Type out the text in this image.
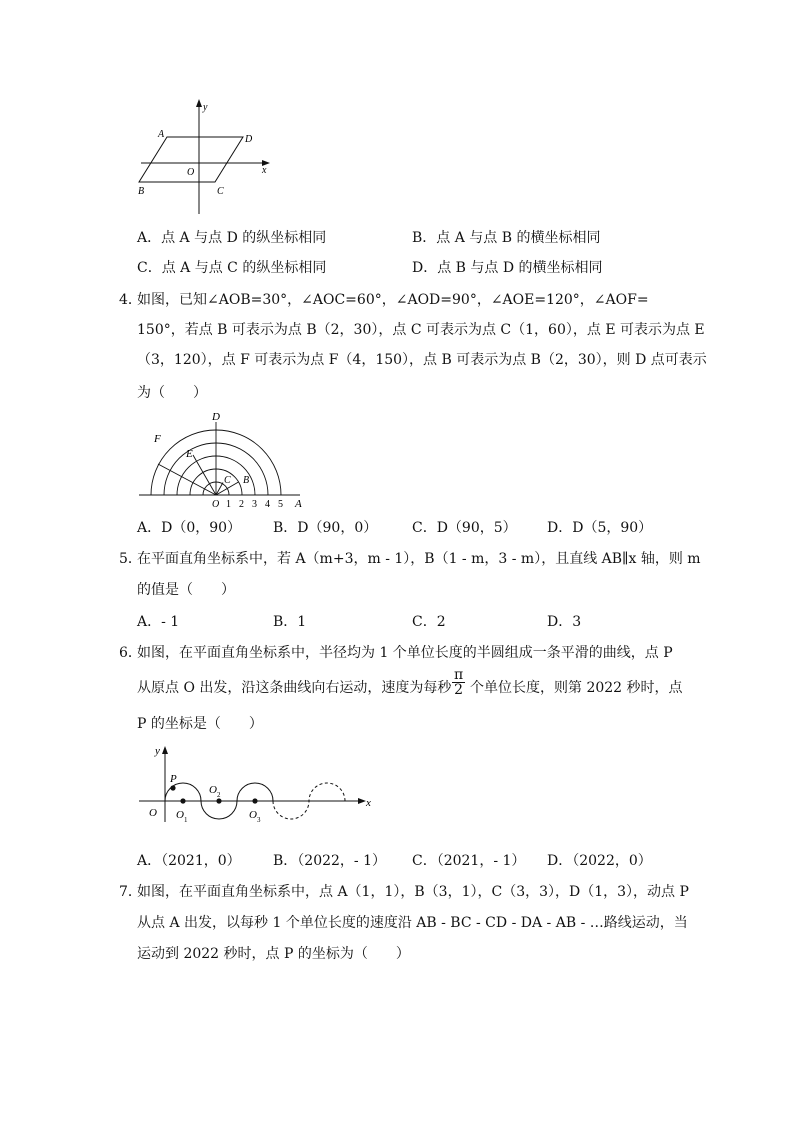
y
x
A	D
O
B	C
A．点 A 与点 D 的纵坐标相同	B．点 A 与点 B 的横坐标相同
C．点 A 与点 C 的纵坐标相同	D．点 B 与点 D 的横坐标相同
4．
如图，已知∠AOB=30°，∠AOC=60°，∠AOD=90°，∠AOE=120°，∠AOF=
150°，若点 B 可表示为点 B（2，30），点 C 可表示为点 C（1，60），点 E 可表示为点 E
（3，120），点 F 可表示为点 F（4，150），点 B 可表示为点 B（2，30），则 D 点可表示
为（　　）
D
F
E
C B
O 1 2 3 4 5 A
A．D（0，90） B．D（90，0） C．D（90，5） D．D（5，90）
5．
在平面直角坐标系中，若 A（m+3，m - 1），B（1 - m，3 - m），且直线 AB∥x 轴，则 m
的值是（　　）
A．- 1	B．1	C．2	D．3
6．
如图，在平面直角坐标系中，半径均为 1 个单位长度的半圆组成一条平滑的曲线，点 P
从原点 O 出发，沿这条曲线向右运动，速度为每秒 $\frac{\pi}{2}$ 个单位长度，则第 2022 秒时，点
P 的坐标是（　　）
y
P
O O 1
O 2
O 3
x
A．（2021，0） B．（2022，- 1） C．（2021，- 1） D．（2022，0）
7．
如图，在平面直角坐标系中，点 A（1，1），B（3，1），C（3，3），D（1，3），动点 P
从点 A 出发，以每秒 1 个单位长度的速度沿 AB - BC - CD - DA - AB - …路线运动，当
运动到 2022 秒时，点 P 的坐标为（　　）
